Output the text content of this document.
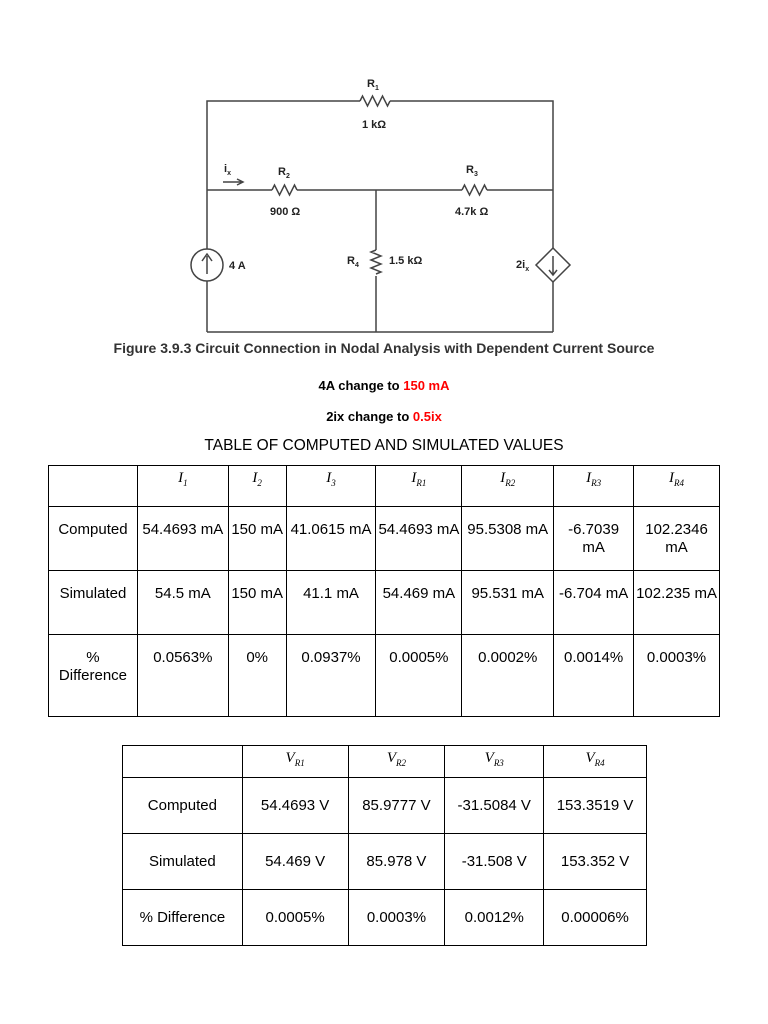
$R_1$
1 kΩ
$i_x$	$R_2$
900 Ω
$R_3$
4.7k Ω
4 A	$R_4$	1.5 kΩ	$2i_x$
Figure 3.9.3 Circuit Connection in Nodal Analysis with Dependent Current Source
4A change to 150 mA
2ix change to 0.5ix
TABLE OF COMPUTED AND SIMULATED VALUES
	$I_1$	$I_2$	$I_3$	$I_{R1}$	$I_{R2}$	$I_{R3}$	$I_{R4}$
Computed	54.4693 mA	150 mA	41.0615 mA	54.4693 mA	95.5308 mA	-6.7039 mA	102.2346 mA
Simulated	54.5 mA	150 mA	41.1 mA	54.469 mA	95.531 mA	-6.704 mA	102.235 mA
% Difference	0.0563%	0%	0.0937%	0.0005%	0.0002%	0.0014%	0.0003%
	$V_{R1}$	$V_{R2}$	$V_{R3}$	$V_{R4}$
Computed	54.4693 V	85.9777 V	-31.5084 V	153.3519 V
Simulated	54.469 V	85.978 V	-31.508 V	153.352 V
% Difference	0.0005%	0.0003%	0.0012%	0.00006%
